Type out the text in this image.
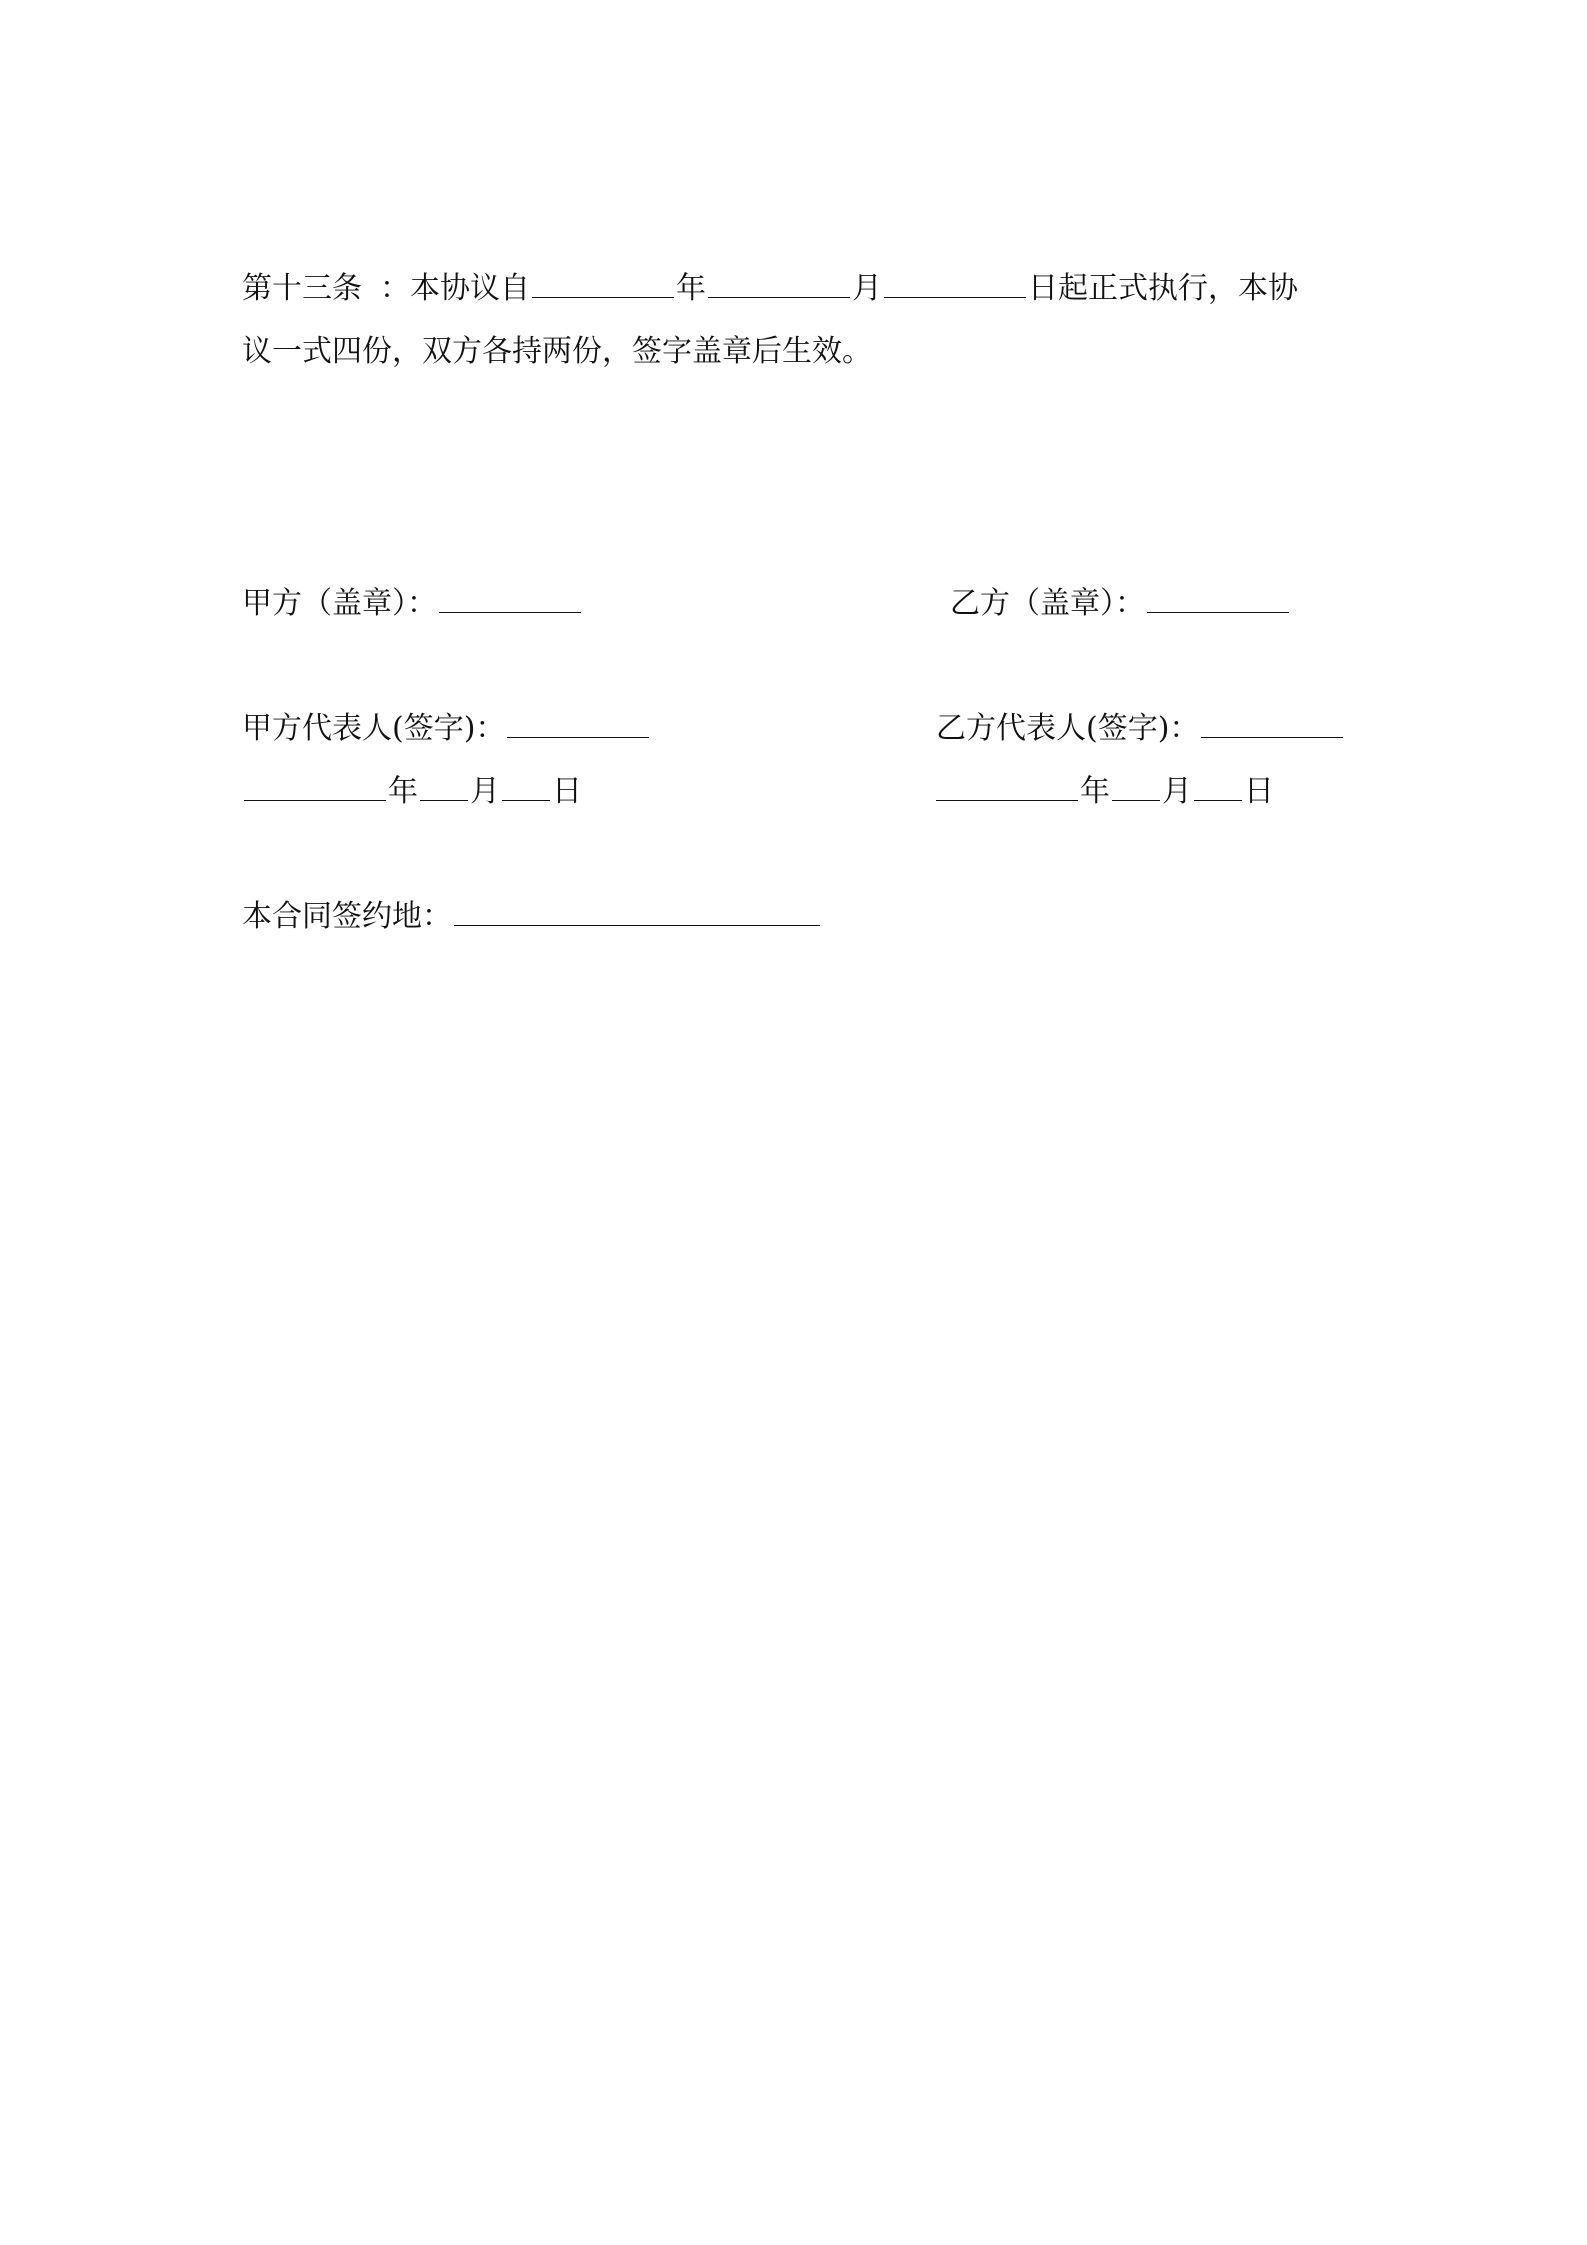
第十三条 ：本协议自	年	月	日起正式执行，本协
议一式四份，双方各持两份，签字盖章后生效。
甲方（盖章）：	乙方（盖章）：
甲方代表人(签字)：	乙方代表人(签字)：
年 月 日	年 月 日
本合同签约地：
